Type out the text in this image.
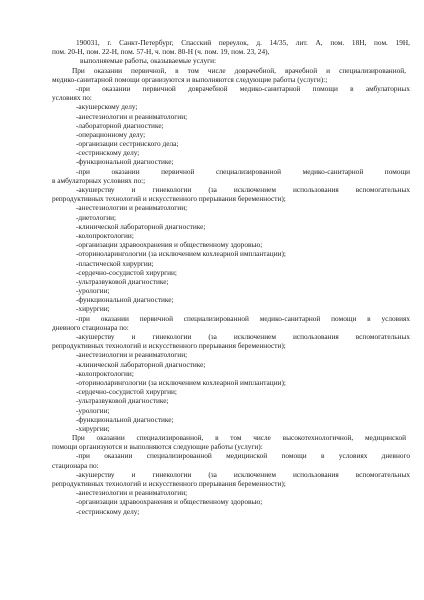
190031, г. Санкт-Петербург, Спасский переулок, д. 14/35, лит. А, пом. 18Н, пом. 19Н,
пом. 20-Н, пом. 22-Н, пом. 57-Н, ч. пом. 80-Н (ч. пом. 19, пом. 23, 24),
выполняемые работы, оказываемые услуги:
При оказании первичной, в том числе доврачебной, врачебной и специализированной,
медико-санитарной помощи организуются и выполняются следующие работы (услуги):;
-при оказании первичной доврачебной медико-санитарной помощи в амбулаторных
условиях по:
-акушерскому делу;
-анестезиологии и реаниматологии;
-лабораторной диагностике;
-операционному делу;
-организации сестринского дела;
-сестринскому делу;
-функциональной диагностике;
-при оказании первичной специализированной медико-санитарной помощи
в амбулаторных условиях по:;
-акушерству и гинекологии (за исключением использования вспомогательных
репродуктивных технологий и искусственного прерывания беременности);
-анестезиологии и реаниматологии;
-диетологии;
-клинической лабораторной диагностике;
-колопроктологии;
-организации здравоохранения и общественному здоровью;
-оториноларингологии (за исключением кохлеарной имплантации);
-пластической хирургии;
-сердечно-сосудистой хирургии;
-ультразвуковой диагностике;
-урологии;
-функциональной диагностике;
-хирургии;
-при оказании первичной специализированной медико-санитарной помощи в условиях
дневного стационара по:
-акушерству и гинекологии (за исключением использования вспомогательных
репродуктивных технологий и искусственного прерывания беременности);
-анестезиологии и реаниматологии;
-клинической лабораторной диагностике;
-колопроктологии;
-оториноларингологии (за исключением кохлеарной имплантации);
-сердечно-сосудистой хирургии;
-ультразвуковой диагностике;
-урологии;
-функциональной диагностике;
-хирургии;
При оказании специализированной, в том числе высокотехнологичной, медицинской
помощи организуются и выполняются следующие работы (услуги):
-при оказании специализированной медицинской помощи в условиях дневного
стационара по:
-акушерству и гинекологии (за исключением использования вспомогательных
репродуктивных технологий и искусственного прерывания беременности);
-анестезиологии и реаниматологии;
-организации здравоохранения и общественному здоровью;
-сестринскому делу;
